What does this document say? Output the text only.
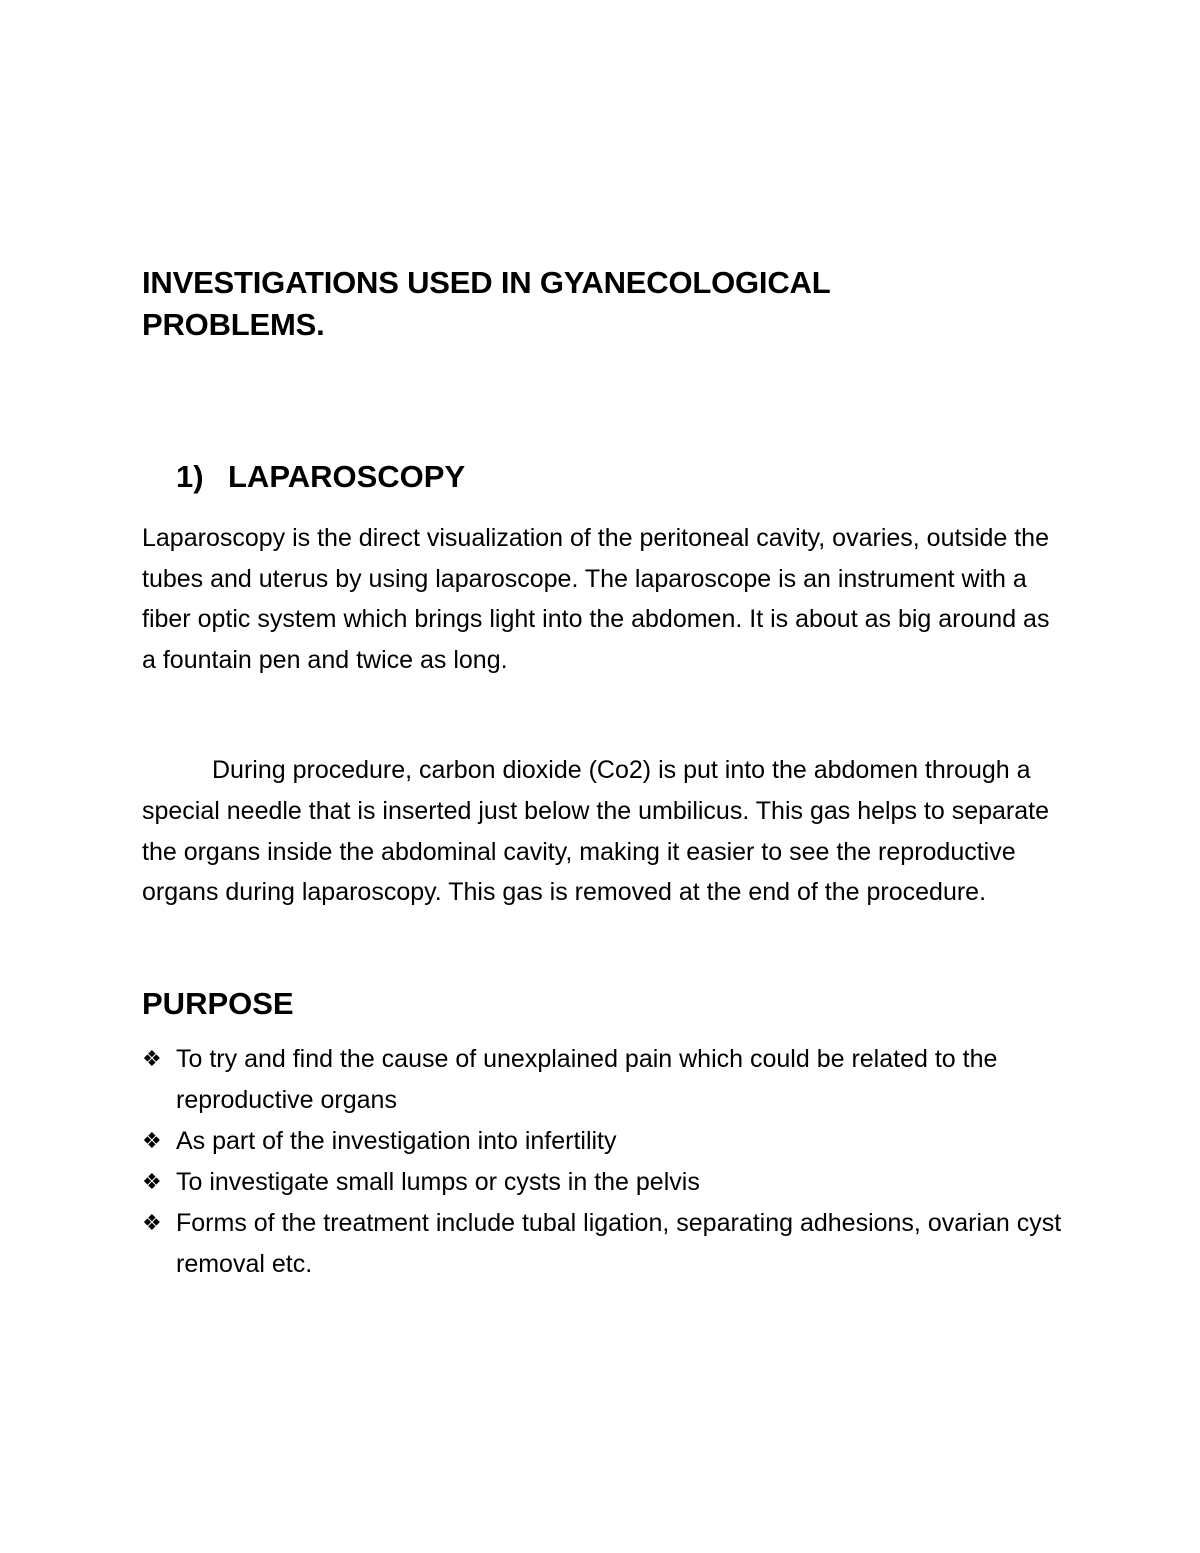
INVESTIGATIONS USED IN GYANECOLOGICAL
PROBLEMS.
1) LAPAROSCOPY

Laparoscopy is the direct visualization of the peritoneal cavity, ovaries, outside the tubes and uterus by using laparoscope. The laparoscope is an instrument with a fiber optic system which brings light into the abdomen. It is about as big around as a fountain pen and twice as long.

During procedure, carbon dioxide (Co2) is put into the abdomen through a special needle that is inserted just below the umbilicus. This gas helps to separate the organs inside the abdominal cavity, making it easier to see the reproductive organs during laparoscopy. This gas is removed at the end of the procedure.

PURPOSE
❖ To try and find the cause of unexplained pain which could be related to the reproductive organs
❖ As part of the investigation into infertility
❖ To investigate small lumps or cysts in the pelvis
❖ Forms of the treatment include tubal ligation, separating adhesions, ovarian cyst removal etc.
